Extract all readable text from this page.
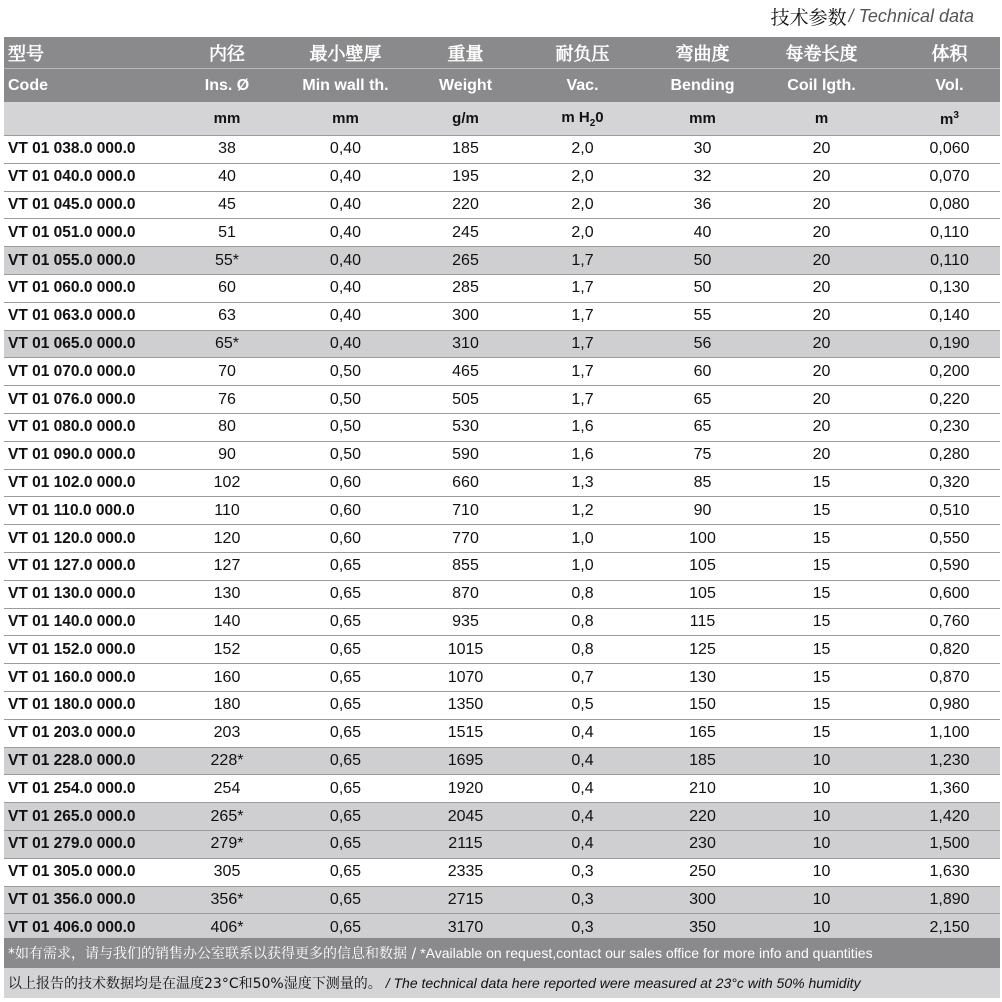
技术参数 / Technical data
型号	内径	最小壁厚	重量	耐负压	弯曲度	每卷长度	体积
Code	Ins. Ø	Min wall th.	Weight	Vac.	Bending	Coil lgth.	Vol.
	mm	mm	g/m	m $H_20$	mm	m	$m^3$
VT 01 038.0 000.0	38	0,40	185	2,0	30	20	0,060
VT 01 040.0 000.0	40	0,40	195	2,0	32	20	0,070
VT 01 045.0 000.0	45	0,40	220	2,0	36	20	0,080
VT 01 051.0 000.0	51	0,40	245	2,0	40	20	0,110
VT 01 055.0 000.0	55*	0,40	265	1,7	50	20	0,110
VT 01 060.0 000.0	60	0,40	285	1,7	50	20	0,130
VT 01 063.0 000.0	63	0,40	300	1,7	55	20	0,140
VT 01 065.0 000.0	65*	0,40	310	1,7	56	20	0,190
VT 01 070.0 000.0	70	0,50	465	1,7	60	20	0,200
VT 01 076.0 000.0	76	0,50	505	1,7	65	20	0,220
VT 01 080.0 000.0	80	0,50	530	1,6	65	20	0,230
VT 01 090.0 000.0	90	0,50	590	1,6	75	20	0,280
VT 01 102.0 000.0	102	0,60	660	1,3	85	15	0,320
VT 01 110.0 000.0	110	0,60	710	1,2	90	15	0,510
VT 01 120.0 000.0	120	0,60	770	1,0	100	15	0,550
VT 01 127.0 000.0	127	0,65	855	1,0	105	15	0,590
VT 01 130.0 000.0	130	0,65	870	0,8	105	15	0,600
VT 01 140.0 000.0	140	0,65	935	0,8	115	15	0,760
VT 01 152.0 000.0	152	0,65	1015	0,8	125	15	0,820
VT 01 160.0 000.0	160	0,65	1070	0,7	130	15	0,870
VT 01 180.0 000.0	180	0,65	1350	0,5	150	15	0,980
VT 01 203.0 000.0	203	0,65	1515	0,4	165	15	1,100
VT 01 228.0 000.0	228*	0,65	1695	0,4	185	10	1,230
VT 01 254.0 000.0	254	0,65	1920	0,4	210	10	1,360
VT 01 265.0 000.0	265*	0,65	2045	0,4	220	10	1,420
VT 01 279.0 000.0	279*	0,65	2115	0,4	230	10	1,500
VT 01 305.0 000.0	305	0,65	2335	0,3	250	10	1,630
VT 01 356.0 000.0	356*	0,65	2715	0,3	300	10	1,890
VT 01 406.0 000.0	406*	0,65	3170	0,3	350	10	2,150
*如有需求，请与我们的销售办公室联系以获得更多的信息和数据 / *Available on request,contact our sales office for more info and quantities
以上报告的技术数据均是在温度23°C和50%湿度下测量的。 / The technical data here reported were measured at 23°c with 50% humidity
